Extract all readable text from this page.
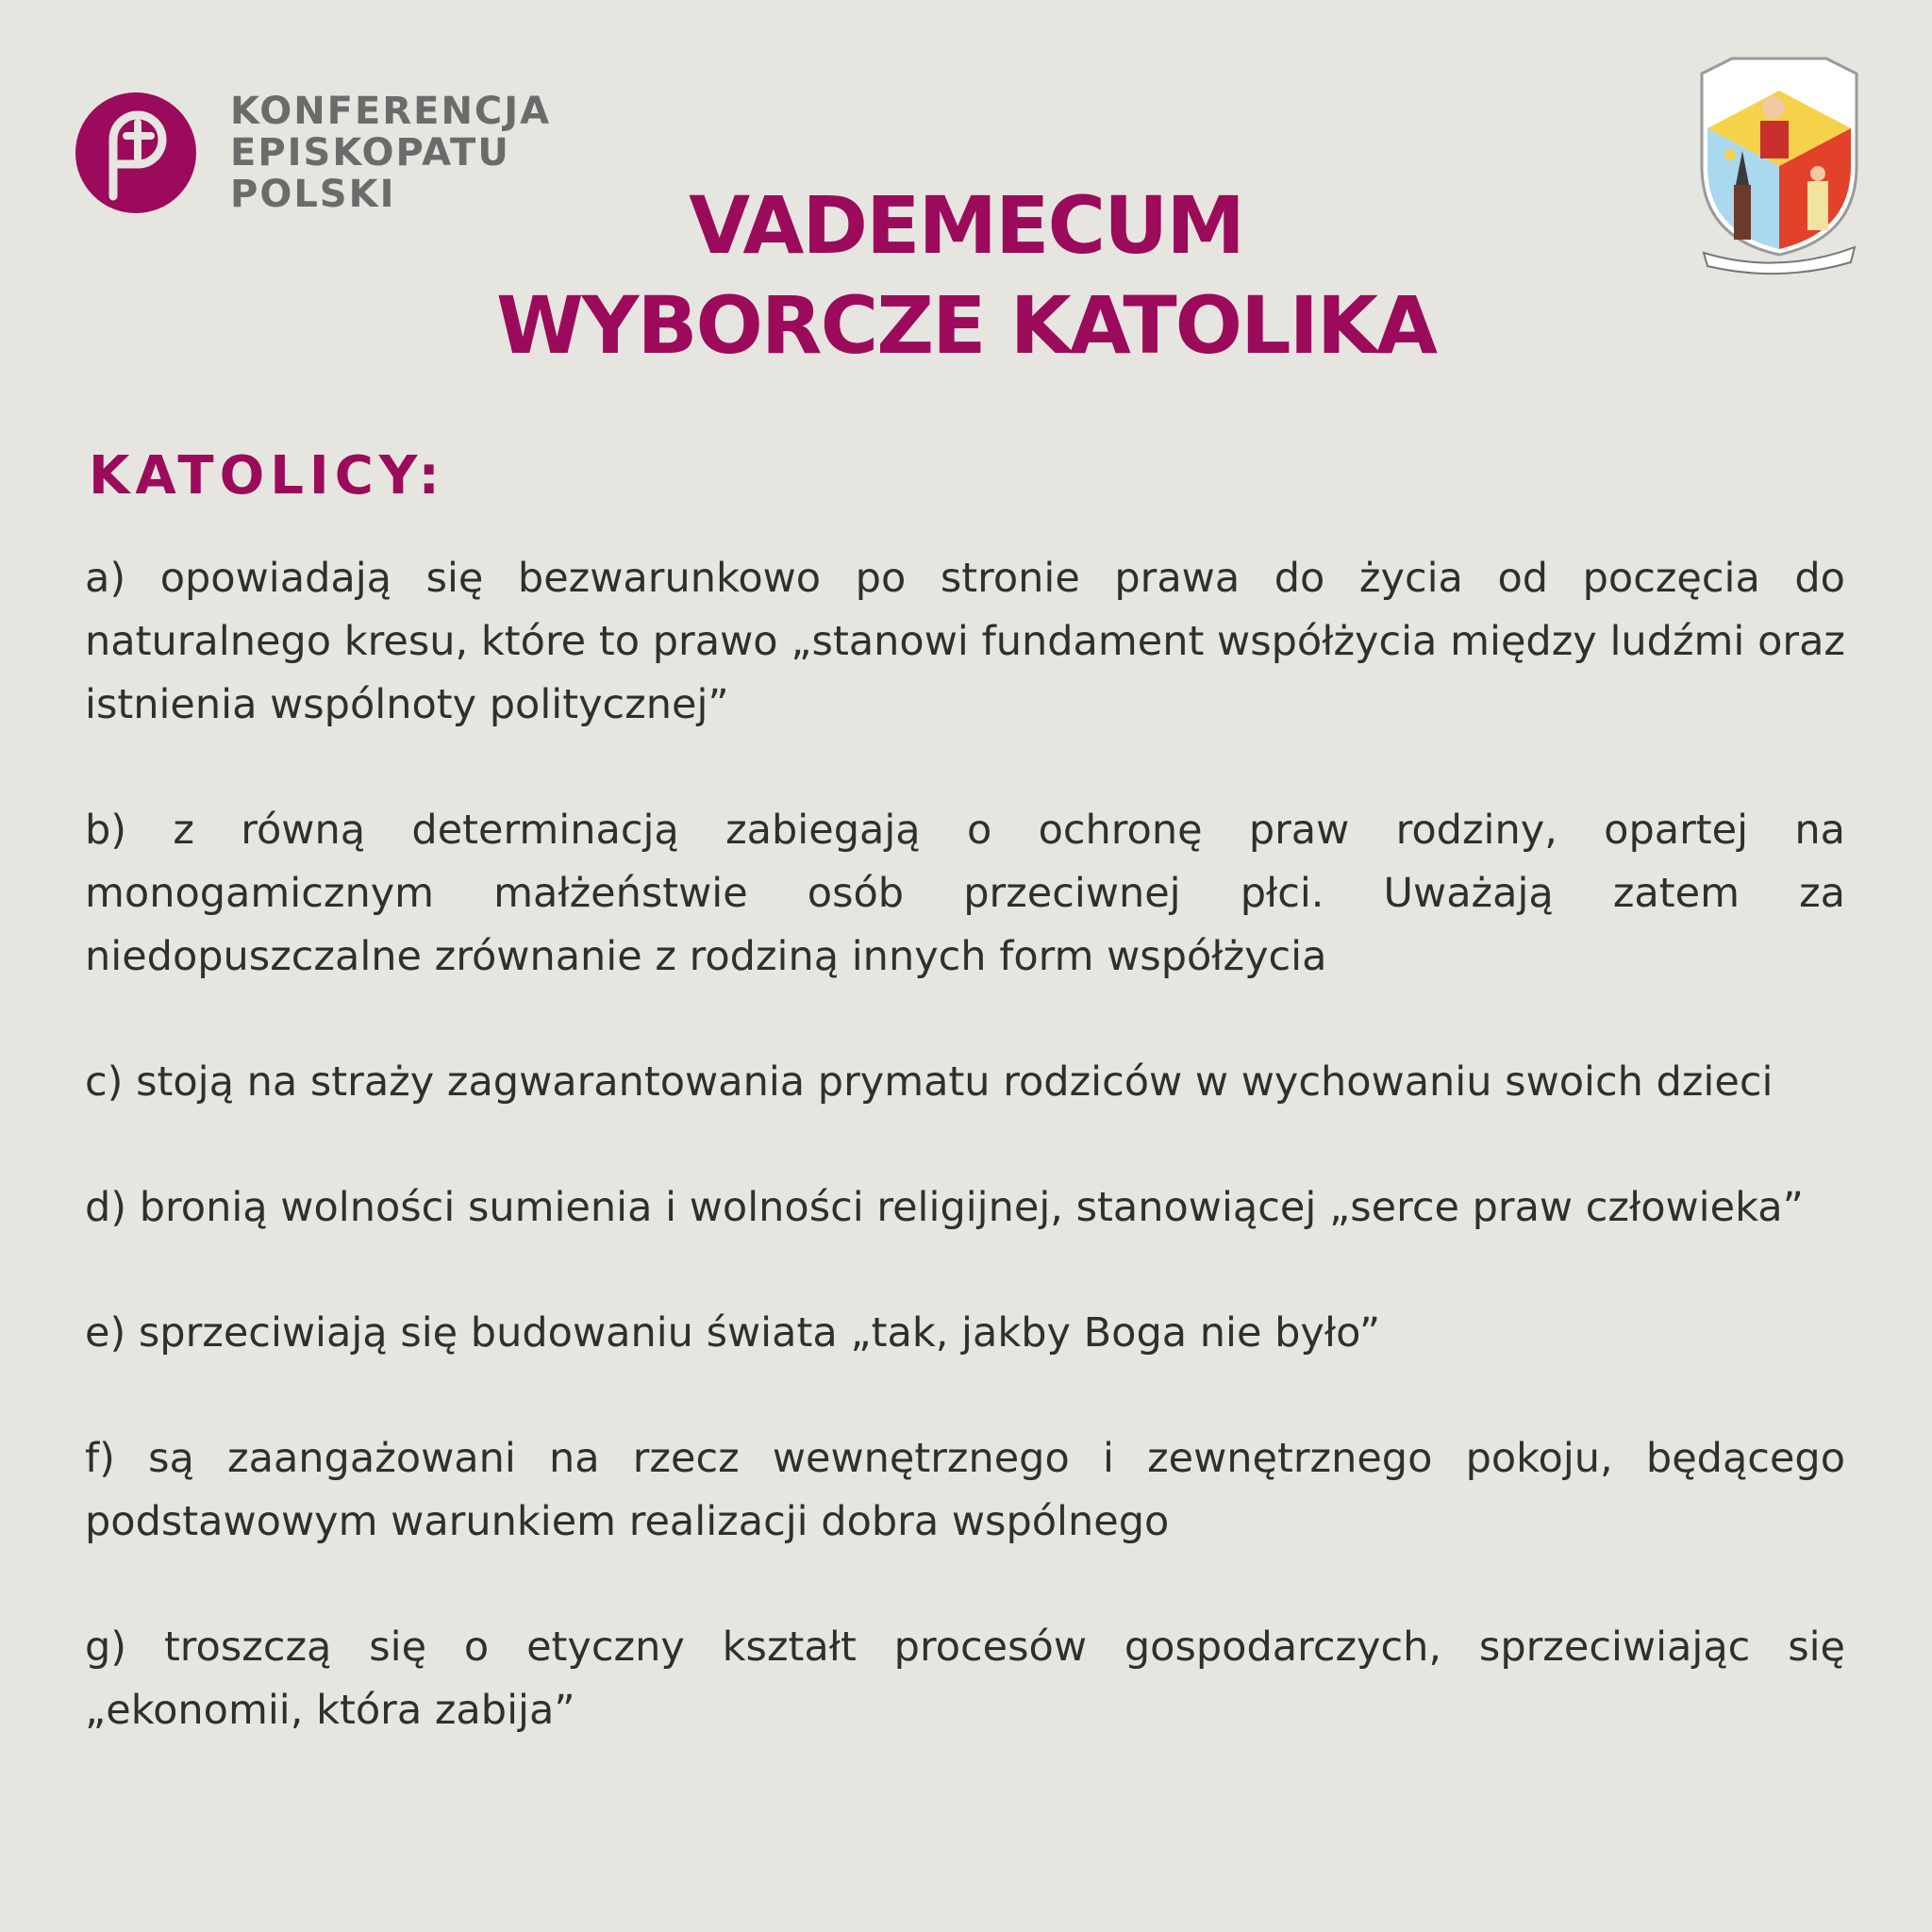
KONFERENCJA
EPISKOPATU
POLSKI	VADEMECUM
WYBORCZE KATOLIKA
KATOLICY:

a) opowiadają się bezwarunkowo po stronie prawa do życia od poczęcia do naturalnego kresu, które to prawo „stanowi fundament współżycia między ludźmi oraz istnienia wspólnoty politycznej”

b) z równą determinacją zabiegają o ochronę praw rodziny, opartej na monogamicznym małżeństwie osób przeciwnej płci. Uważają zatem za niedopuszczalne zrównanie z rodziną innych form współżycia

c) stoją na straży zagwarantowania prymatu rodziców w wychowaniu swoich dzieci

d) bronią wolności sumienia i wolności religijnej, stanowiącej „serce praw człowieka”

e) sprzeciwiają się budowaniu świata „tak, jakby Boga nie było”

f) są zaangażowani na rzecz wewnętrznego i zewnętrznego pokoju, będącego podstawowym warunkiem realizacji dobra wspólnego

g) troszczą się o etyczny kształt procesów gospodarczych, sprzeciwiając się „ekonomii, która zabija”
